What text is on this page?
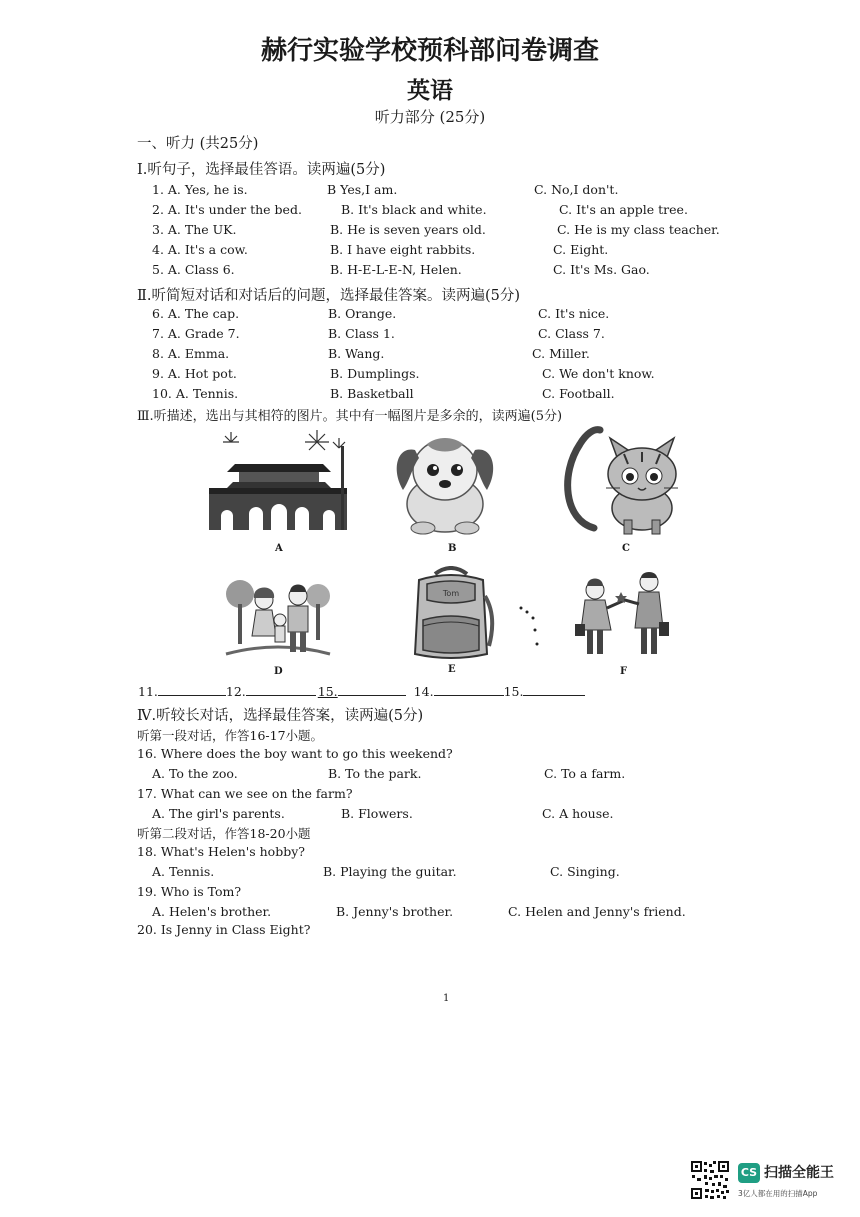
赫行实验学校预科部问卷调查
英语
听力部分 (25分)
一、听力 (共25分)
I.听句子，选择最佳答语。读两遍(5分)
1. A. Yes, he is.	B Yes,I am.	C. No,I don't.
2. A. It's under the bed.	B. It's black and white.	C. It's an apple tree.
3. A. The UK.	B. He is seven years old.	C. He is my class teacher.
4. A. It's a cow.	B. I have eight rabbits.	C. Eight.
5. A. Class 6.	B. H-E-L-E-N, Helen.	C. It's Ms. Gao.
Ⅱ.听简短对话和对话后的问题，选择最佳答案。读两遍(5分)
6. A. The cap.	B. Orange.	C. It's nice.
7. A. Grade 7.	B. Class 1.	C. Class 7.
8. A. Emma.	B. Wang.	C. Miller.
9. A. Hot pot.	B. Dumplings.	C. We don't know.
10. A. Tennis.	B. Basketball	C. Football.
Ⅲ.听描述，选出与其相符的图片。其中有一幅图片是多余的，读两遍(5分)
A	B	C
D
Tom
E	F
11.	12.	15.	14.	15.
Ⅳ.听较长对话，选择最佳答案，读两遍(5分)
听第一段对话，作答16-17小题。
16. Where does the boy want to go this weekend?
A. To the zoo.	B. To the park.	C. To a farm.
17. What can we see on the farm?
A. The girl's parents.	B. Flowers.	C. A house.
听第二段对话，作答18-20小题
18. What's Helen's hobby?
A. Tennis.	B. Playing the guitar.	C. Singing.
19. Who is Tom?
A. Helen's brother.	B. Jenny's brother.	C. Helen and Jenny's friend.
20. Is Jenny in Class Eight?
1
CS 扫描全能王
3亿人都在用的扫描App
